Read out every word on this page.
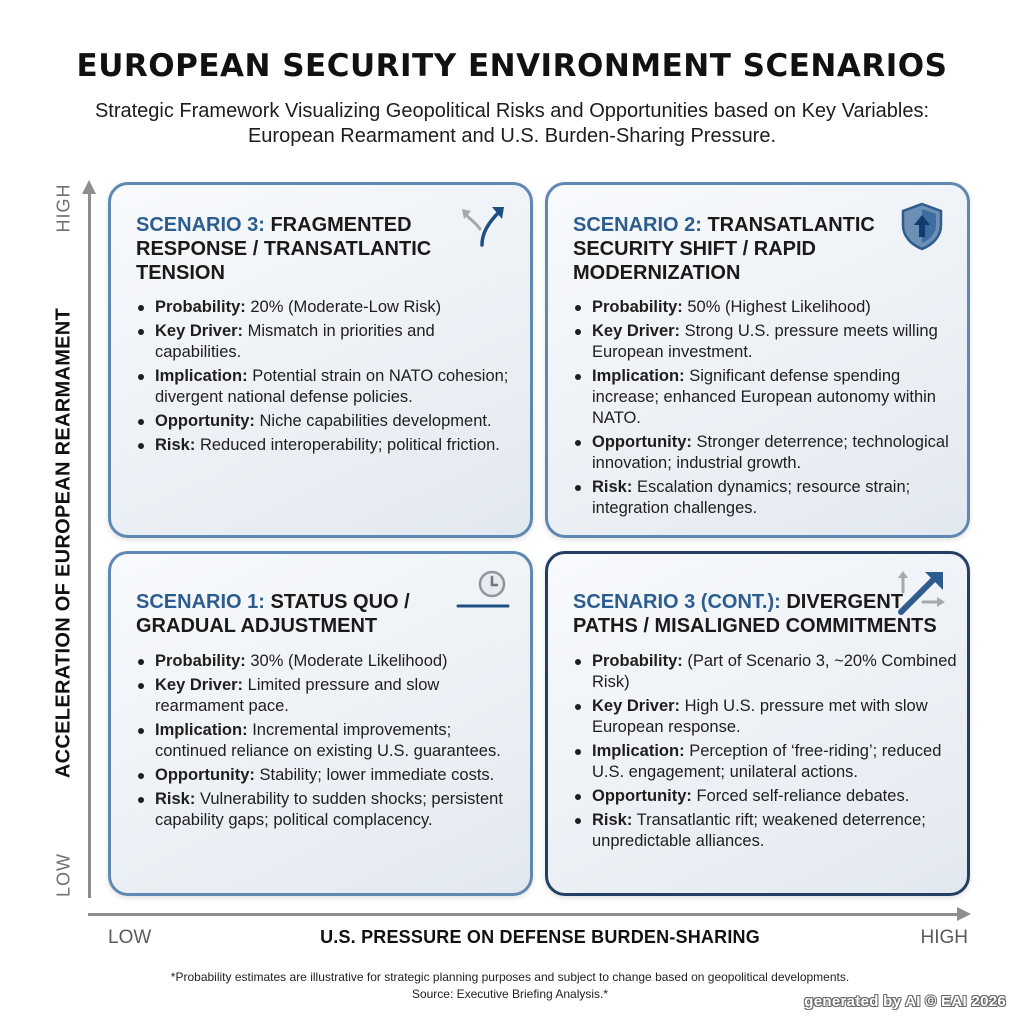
EUROPEAN SECURITY ENVIRONMENT SCENARIOS
Strategic Framework Visualizing Geopolitical Risks and Opportunities based on Key Variables: European Rearmament and U.S. Burden-Sharing Pressure.
ACCELERATION OF EUROPEAN REARMAMENT
HIGH
LOW
LOW	U.S. PRESSURE ON DEFENSE BURDEN-SHARING	HIGH
SCENARIO 3: FRAGMENTED RESPONSE / TRANSATLANTIC TENSION
Probability: 20% (Moderate-Low Risk)
Key Driver: Mismatch in priorities and capabilities.
Implication: Potential strain on NATO cohesion; divergent national defense policies.
Opportunity: Niche capabilities development.
Risk: Reduced interoperability; political friction.
SCENARIO 2: TRANSATLANTIC SECURITY SHIFT / RAPID MODERNIZATION
Probability: 50% (Highest Likelihood)
Key Driver: Strong U.S. pressure meets willing European investment.
Implication: Significant defense spending increase; enhanced European autonomy within NATO.
Opportunity: Stronger deterrence; technological innovation; industrial growth.
Risk: Escalation dynamics; resource strain; integration challenges.
SCENARIO 1: STATUS QUO / GRADUAL ADJUSTMENT
Probability: 30% (Moderate Likelihood)
Key Driver: Limited pressure and slow rearmament pace.
Implication: Incremental improvements; continued reliance on existing U.S. guarantees.
Opportunity: Stability; lower immediate costs.
Risk: Vulnerability to sudden shocks; persistent capability gaps; political complacency.
SCENARIO 3 (CONT.): DIVERGENT PATHS / MISALIGNED COMMITMENTS
Probability: (Part of Scenario 3, ~20% Combined Risk)
Key Driver: High U.S. pressure met with slow European response.
Implication: Perception of ‘free-riding’; reduced U.S. engagement; unilateral actions.
Opportunity: Forced self-reliance debates.
Risk: Transatlantic rift; weakened deterrence; unpredictable alliances.
*Probability estimates are illustrative for strategic planning purposes and subject to change based on geopolitical developments.
Source: Executive Briefing Analysis.*	generated by AI © EAI 2026
